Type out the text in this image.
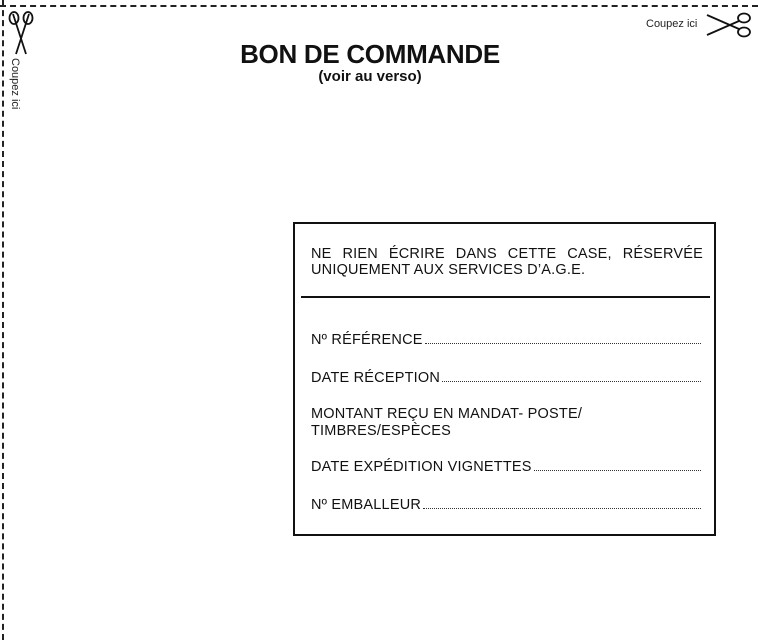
Coupez ici
Coupez ici
BON DE COMMANDE
(voir au verso)
NE RIEN ÉCRIRE DANS CETTE CASE, RÉSERVÉE UNIQUEMENT AUX SERVICES D’A.G.E.
Nº RÉFÉRENCE
DATE RÉCEPTION
MONTANT REÇU EN MANDAT- POSTE/
TIMBRES/ESPÈCES
DATE EXPÉDITION VIGNETTES
Nº EMBALLEUR
